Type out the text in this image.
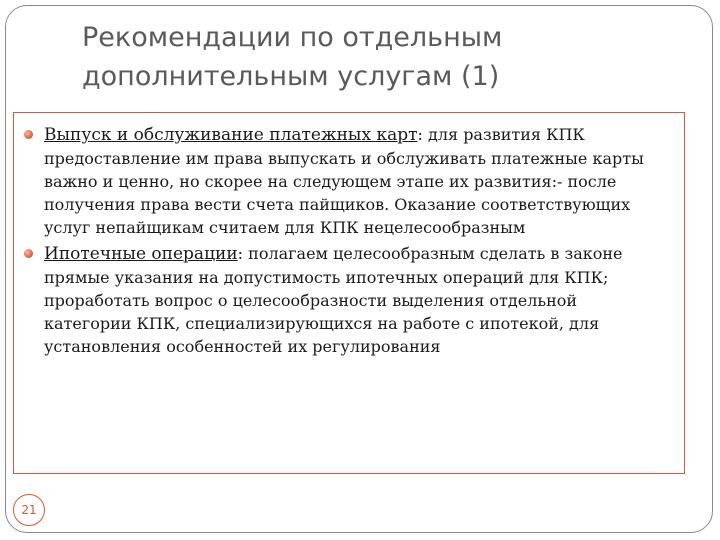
Рекомендации по отдельным
дополнительным услугам (1)
Выпуск и обслуживание платежных карт: для развития КПК предоставление им права выпускать и обслуживать платежные карты важно и ценно, но скорее на следующем этапе их развития:- после получения права вести счета пайщиков. Оказание соответствующих услуг непайщикам считаем для КПК нецелесообразным
Ипотечные операции: полагаем целесообразным сделать в законе прямые указания на допустимость ипотечных операций для КПК; проработать вопрос о целесообразности выделения отдельной категории КПК, специализирующихся на работе с ипотекой, для установления особенностей их регулирования
21
